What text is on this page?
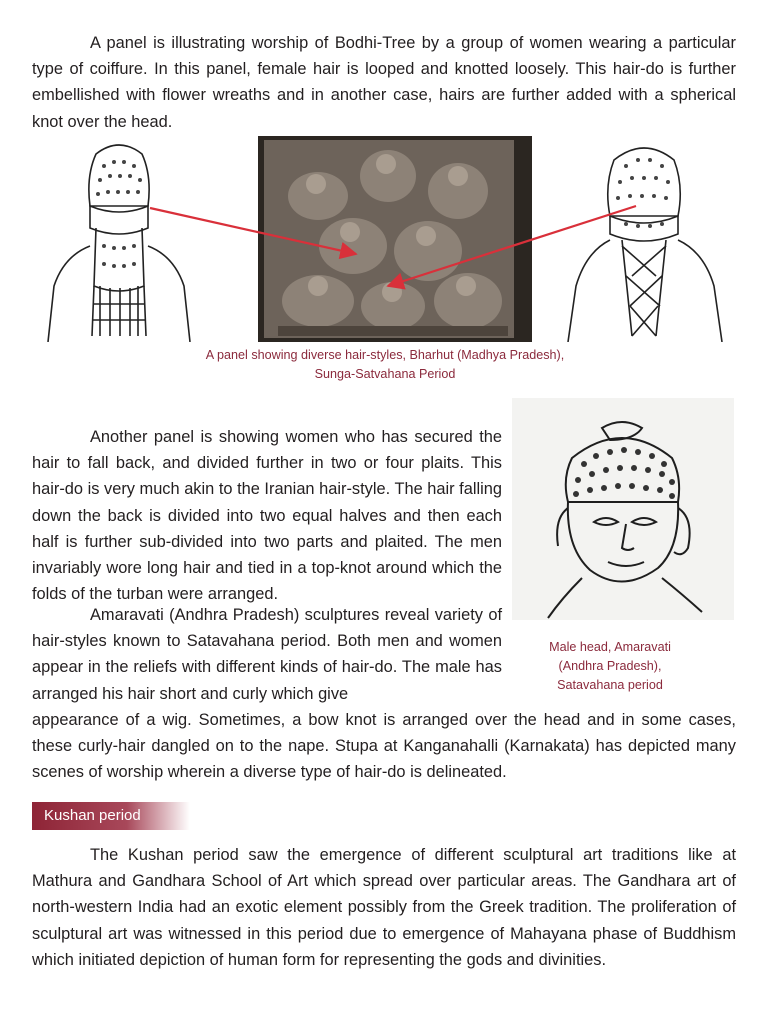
A panel is illustrating worship of Bodhi-Tree by a group of women wearing a particular type of coiffure. In this panel, female hair is looped and knotted loosely. This hair-do is further embellished with flower wreaths and in another case, hairs are further added with a spherical knot over the head.

A panel showing diverse hair-styles, Bharhut (Madhya Pradesh),
Sunga-Satvahana Period

Another panel is showing women who has secured the hair to fall back, and divided further in two or four plaits. This hair-do is very much akin to the Iranian hair-style. The hair falling down the back is divided into two equal halves and then each half is further sub-divided into two parts and plaited. The men invariably wore long hair and tied in a top-knot around which the folds of the turban were arranged.

Male head, Amaravati
(Andhra Pradesh),
Satavahana period

Amaravati (Andhra Pradesh) sculptures reveal variety of hair-styles known to Satavahana period. Both men and women appear in the reliefs with different kinds of hair-do. The male has arranged his hair short and curly which give

appearance of a wig. Sometimes, a bow knot is arranged over the head and in some cases, these curly-hair dangled on to the nape. Stupa at Kanganahalli (Karnakata) has depicted many scenes of worship wherein a diverse type of hair-do is delineated.

Kushan period

The Kushan period saw the emergence of different sculptural art traditions like at Mathura and Gandhara School of Art which spread over particular areas. The Gandhara art of north-western India had an exotic element possibly from the Greek tradition. The proliferation of sculptural art was witnessed in this period due to emergence of Mahayana phase of Buddhism which initiated depiction of human form for representing the gods and divinities.
